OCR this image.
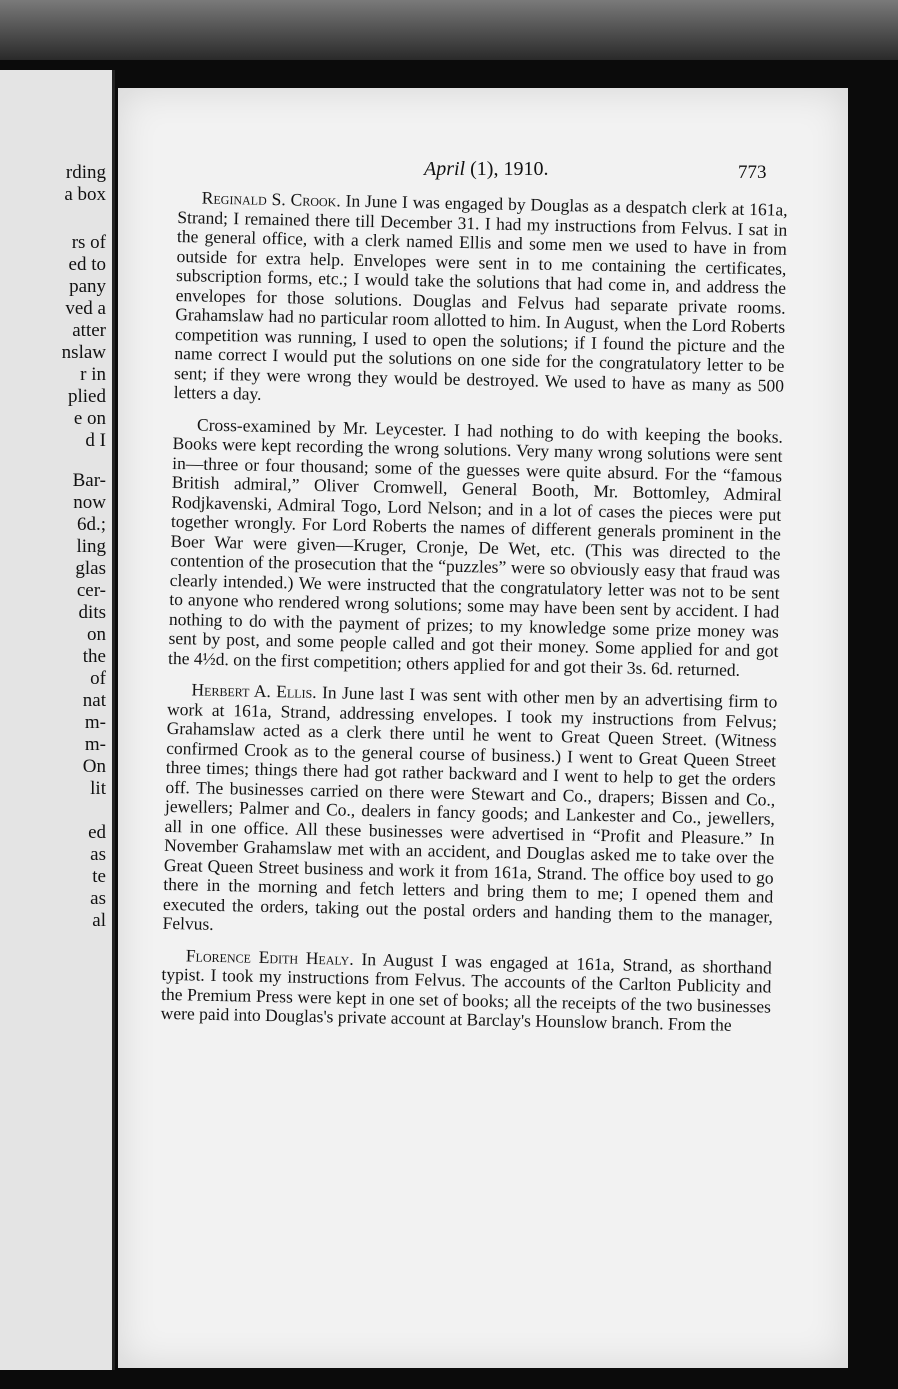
rding

a box

rs of

ed to

pany

ved a

atter

nslaw

r in

plied

e on

d I

Bar-

now

6d.;

ling

glas

cer-

dits

on

the

of

nat

m-

m-

On

lit

ed

as

te

as

al

April (1), 1910.	773

Reginald S. Crook. In June I was engaged by Douglas as a despatch clerk at 161a, Strand; I remained there till December 31. I had my instructions from Felvus. I sat in the general office, with a clerk named Ellis and some men we used to have in from outside for extra help. Envelopes were sent in to me containing the certificates, subscription forms, etc.; I would take the solutions that had come in, and address the envelopes for those solutions. Douglas and Felvus had separate private rooms. Grahamslaw had no particular room allotted to him. In August, when the Lord Roberts competition was running, I used to open the solutions; if I found the picture and the name correct I would put the solutions on one side for the congratulatory letter to be sent; if they were wrong they would be destroyed. We used to have as many as 500 letters a day.

Cross-examined by Mr. Leycester. I had nothing to do with keeping the books. Books were kept recording the wrong solutions. Very many wrong solutions were sent in—three or four thousand; some of the guesses were quite absurd. For the “famous British admiral,” Oliver Cromwell, General Booth, Mr. Bottomley, Admiral Rodjkavenski, Admiral Togo, Lord Nelson; and in a lot of cases the pieces were put together wrongly. For Lord Roberts the names of different generals prominent in the Boer War were given—Kruger, Cronje, De Wet, etc. (This was directed to the contention of the prosecution that the “puzzles” were so obviously easy that fraud was clearly intended.) We were instructed that the congratulatory letter was not to be sent to anyone who rendered wrong solutions; some may have been sent by accident. I had nothing to do with the payment of prizes; to my knowledge some prize money was sent by post, and some people called and got their money. Some applied for and got the 4½d. on the first competition; others applied for and got their 3s. 6d. returned.

Herbert A. Ellis. In June last I was sent with other men by an advertising firm to work at 161a, Strand, addressing envelopes. I took my instructions from Felvus; Grahamslaw acted as a clerk there until he went to Great Queen Street. (Witness confirmed Crook as to the general course of business.) I went to Great Queen Street three times; things there had got rather backward and I went to help to get the orders off. The businesses carried on there were Stewart and Co., drapers; Bissen and Co., jewellers; Palmer and Co., dealers in fancy goods; and Lankester and Co., jewellers, all in one office. All these businesses were advertised in “Profit and Pleasure.” In November Grahamslaw met with an accident, and Douglas asked me to take over the Great Queen Street business and work it from 161a, Strand. The office boy used to go there in the morning and fetch letters and bring them to me; I opened them and executed the orders, taking out the postal orders and handing them to the manager, Felvus.

Florence Edith Healy. In August I was engaged at 161a, Strand, as shorthand typist. I took my instructions from Felvus. The accounts of the Carlton Publicity and the Premium Press were kept in one set of books; all the receipts of the two businesses were paid into Douglas's private account at Barclay's Hounslow branch. From the
